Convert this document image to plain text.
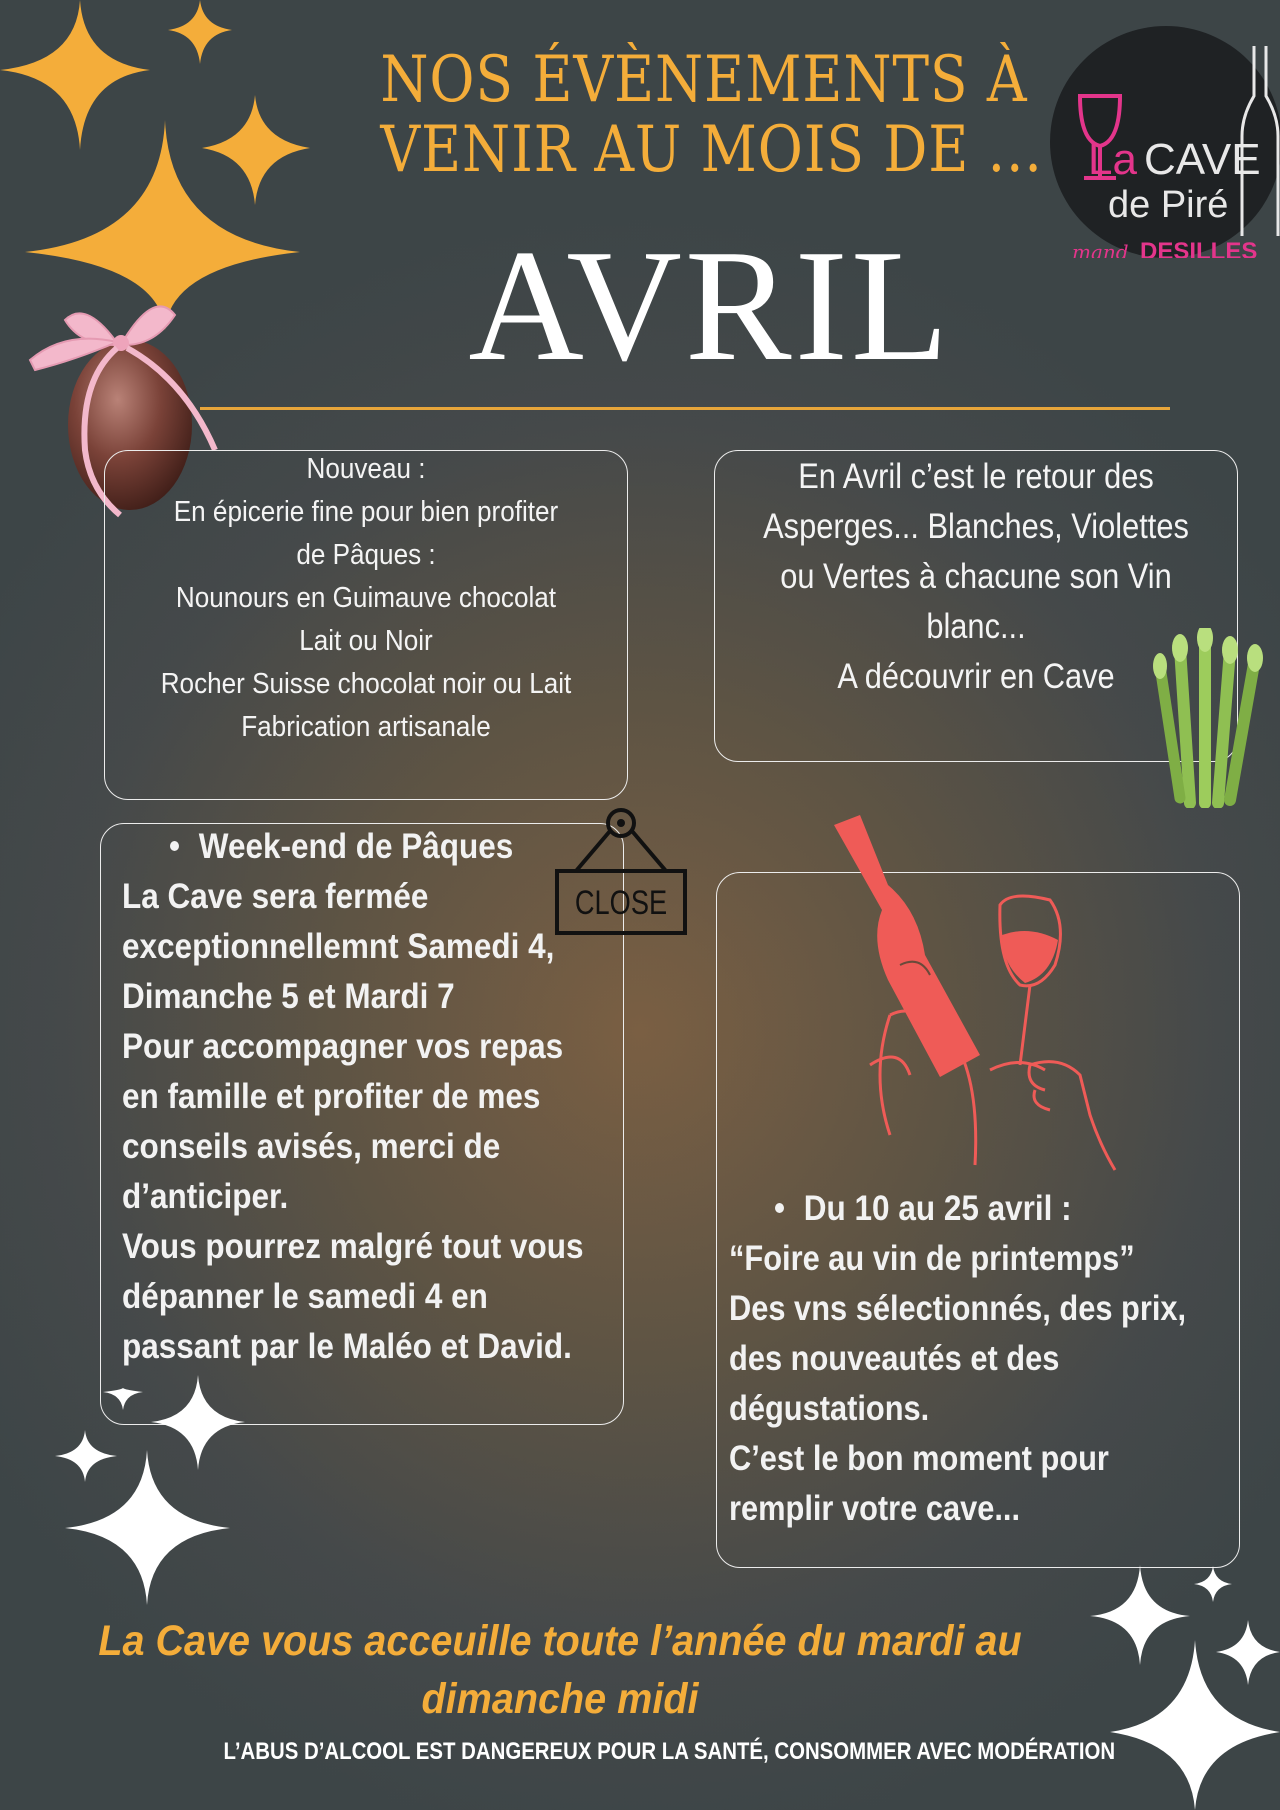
NOS ÉVÈNEMENTS À
VENIR AU MOIS DE ... La CAVE
de Piré
mand DESILLES
AVRIL
Nouveau :
En épicerie fine pour bien profiter
de Pâques :
Nounours en Guimauve chocolat
Lait ou Noir
Rocher Suisse chocolat noir ou Lait
Fabrication artisanale
En Avril c’est le retour des
Asperges... Blanches, Violettes
ou Vertes à chacune son Vin
blanc...
A découvrir en Cave
Week-end de Pâques
La Cave sera fermée
exceptionnellemnt Samedi 4,
Dimanche 5 et Mardi 7
Pour accompagner vos repas
en famille et profiter de mes
conseils avisés, merci de
d’anticiper.
Vous pourrez malgré tout vous
dépanner le samedi 4 en
passant par le Maléo et David.
CLOSE
Du 10 au 25 avril :
“Foire au vin de printemps”
Des vns sélectionnés, des prix,
des nouveautés et des
dégustations.
C’est le bon moment pour
remplir votre cave...
La Cave vous acceuille toute l’année du mardi au
dimanche midi
L’ABUS D’ALCOOL EST DANGEREUX POUR LA SANTÉ, CONSOMMER AVEC MODÉRATION
